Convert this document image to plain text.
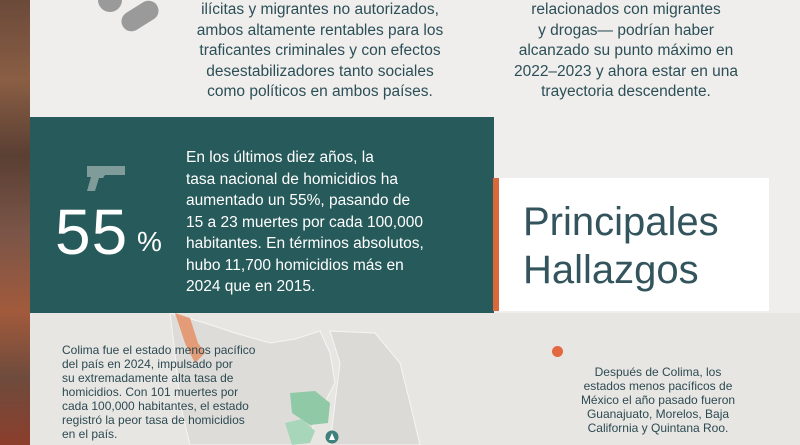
ilícitas y migrantes no autorizados,
ambos altamente rentables para los
traficantes criminales y con efectos
desestabilizadores tanto sociales
como políticos en ambos países.
relacionados con migrantes
y drogas— podrían haber
alcanzado su punto máximo en
2022–2023 y ahora estar en una
trayectoria descendente.
55 %
En los últimos diez años, la
tasa nacional de homicidios ha
aumentado un 55%, pasando de
15 a 23 muertes por cada 100,000
habitantes. En términos absolutos,
hubo 11,700 homicidios más en
2024 que en 2015.
Principales
Hallazgos
Colima fue el estado menos pacífico
del país en 2024, impulsado por
su extremadamente alta tasa de
homicidios. Con 101 muertes por
cada 100,000 habitantes, el estado
registró la peor tasa de homicidios
en el país.
Después de Colima, los
estados menos pacíficos de
México el año pasado fueron
Guanajuato, Morelos, Baja
California y Quintana Roo.
